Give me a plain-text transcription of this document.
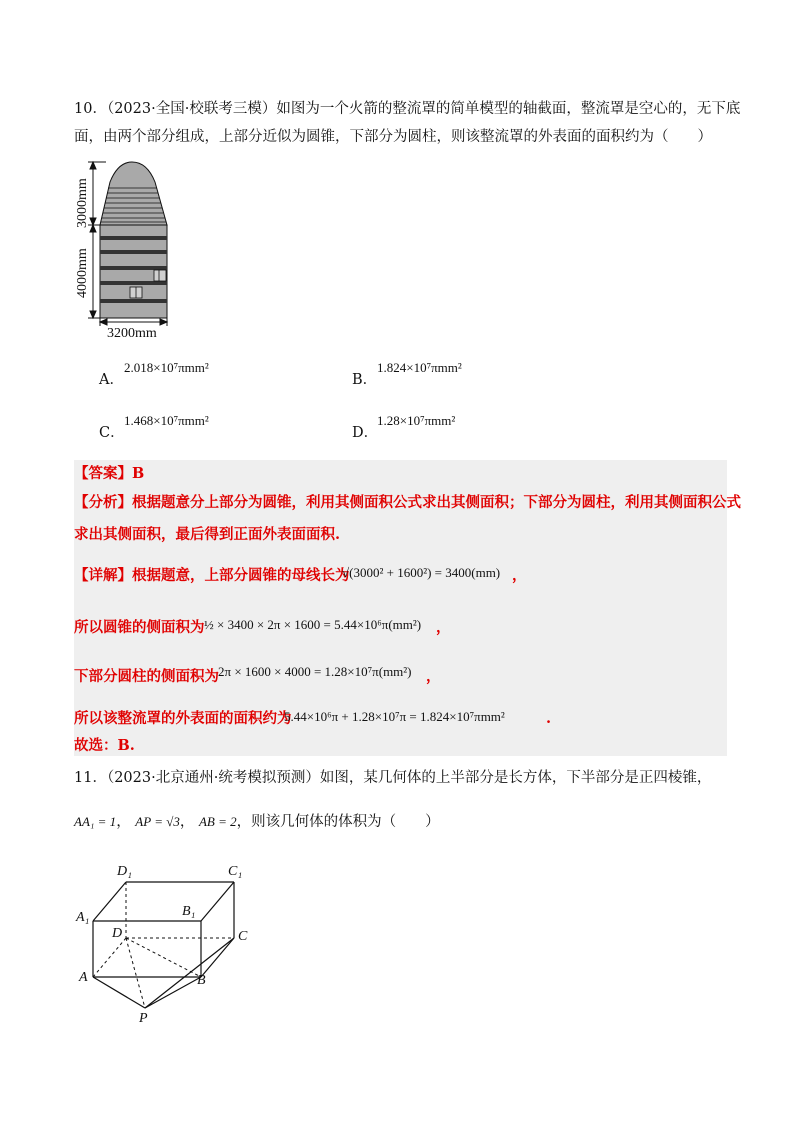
10．（2023·全国·校联考三模）如图为一个火箭的整流罩的简单模型的轴截面，整流罩是空心的，无下底
面，由两个部分组成，上部分近似为圆锥，下部分为圆柱，则该整流罩的外表面的面积约为（　　）
3000mm
4000mm
3200mm
A．
2.018×10⁷πmm²
B．
1.824×10⁷πmm²
C．
1.468×10⁷πmm²
D．
1.28×10⁷πmm²
【答案】B
【分析】根据题意分上部分为圆锥，利用其侧面积公式求出其侧面积；下部分为圆柱，利用其侧面积公式
求出其侧面积，最后得到正面外表面面积.
【详解】根据题意，上部分圆锥的母线长为
√(3000² + 1600²) = 3400(mm) ，
所以圆锥的侧面积为 ½ × 3400 × 2π × 1600 = 5.44×10⁶π(mm²) ，
下部分圆柱的侧面积为 2π × 1600 × 4000 = 1.28×10⁷π(mm²) ，
所以该整流罩的外表面的面积约为
5.44×10⁶π + 1.28×10⁷π = 1.824×10⁷πmm²	.
故选：B.
11．（2023·北京通州·统考模拟预测）如图，某几何体的上半部分是长方体，下半部分是正四棱锥，
AA₁ = 1， AP = √3， AB = 2，则该几何体的体积为（　　）
D₁	C₁
A₁	B₁
D	C
A	B
P
